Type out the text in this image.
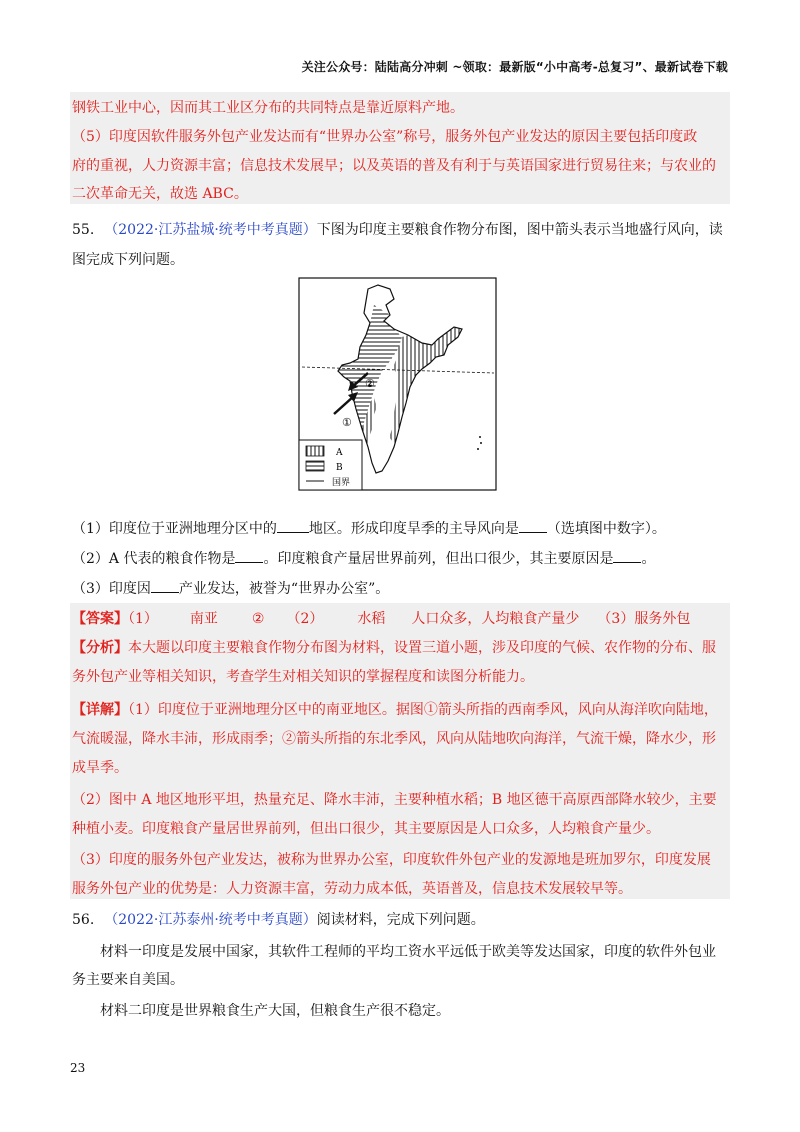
关注公众号：陆陆高分冲刺 ~领取：最新版“小中高考-总复习”、最新试卷下载
钢铁工业中心，因而其工业区分布的共同特点是靠近原料产地。
（5）印度因软件服务外包产业发达而有“世界办公室”称号，服务外包产业发达的原因主要包括印度政
府的重视，人力资源丰富；信息技术发展早；以及英语的普及有利于与英语国家进行贸易往来；与农业的
二次革命无关，故选 ABC。
55. （2022·江苏盐城·统考中考真题）下图为印度主要粮食作物分布图，图中箭头表示当地盛行风向，读
图完成下列问题。
①
②
A
B
国界
（1）印度位于亚洲地理分区中的 地区。形成印度旱季的主导风向是 （选填图中数字）。
（2）A 代表的粮食作物是 。印度粮食产量居世界前列，但出口很少，其主要原因是 。
（3）印度因 产业发达，被誉为“世界办公室”。
【答案】（1） 南亚 ② （2） 水稻 人口众多，人均粮食产量少 （3）服务外包
【分析】本大题以印度主要粮食作物分布图为材料，设置三道小题，涉及印度的气候、农作物的分布、服
务外包产业等相关知识，考查学生对相关知识的掌握程度和读图分析能力。
【详解】（1）印度位于亚洲地理分区中的南亚地区。据图①箭头所指的西南季风，风向从海洋吹向陆地，
气流暖湿，降水丰沛，形成雨季；②箭头所指的东北季风，风向从陆地吹向海洋，气流干燥，降水少，形
成旱季。
（2）图中 A 地区地形平坦，热量充足、降水丰沛，主要种植水稻；B 地区德干高原西部降水较少，主要
种植小麦。印度粮食产量居世界前列，但出口很少，其主要原因是人口众多，人均粮食产量少。
（3）印度的服务外包产业发达，被称为世界办公室，印度软件外包产业的发源地是班加罗尔，印度发展
服务外包产业的优势是：人力资源丰富，劳动力成本低，英语普及，信息技术发展较早等。
56. （2022·江苏泰州·统考中考真题）阅读材料，完成下列问题。
材料一印度是发展中国家，其软件工程师的平均工资水平远低于欧美等发达国家，印度的软件外包业
务主要来自美国。
材料二印度是世界粮食生产大国，但粮食生产很不稳定。
23
